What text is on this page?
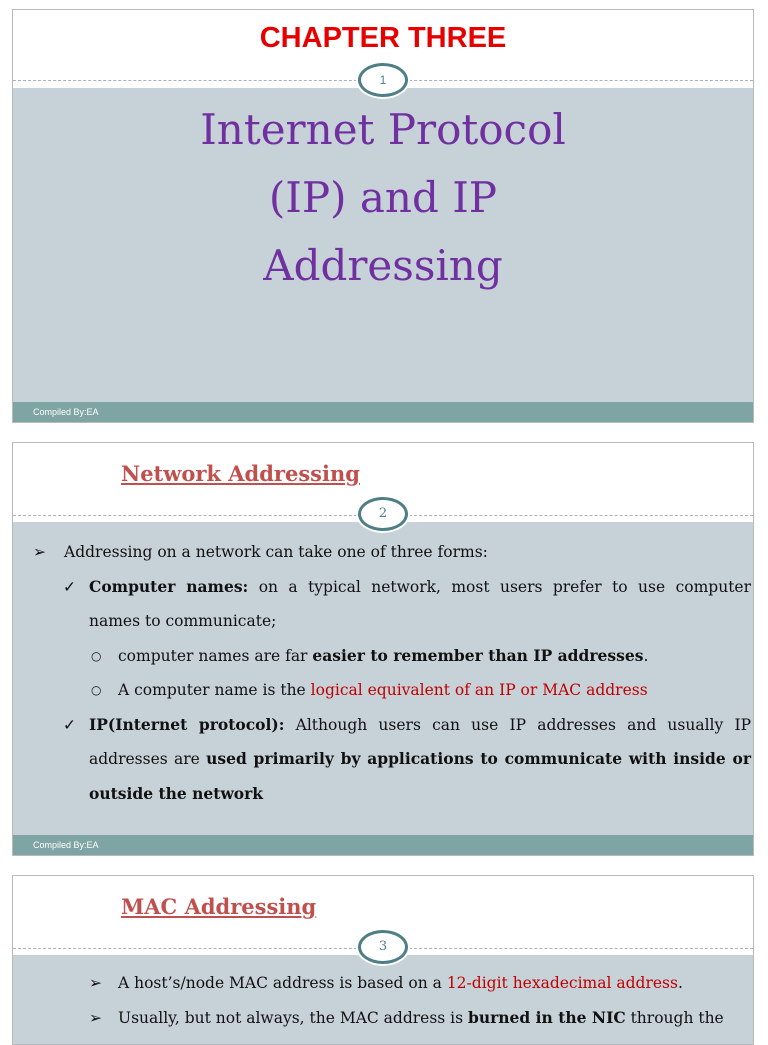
CHAPTER THREE
1
Internet Protocol
(IP) and IP
Addressing
Compiled By:EA
Network Addressing
2
➢ Addressing on a network can take one of three forms:
✓ Computer names: on a typical network, most users prefer to use computer
names to communicate;
○ computer names are far easier to remember than IP addresses.
○ A computer name is the logical equivalent of an IP or MAC address
✓ IP(Internet protocol): Although users can use IP addresses and usually IP
addresses are used primarily by applications to communicate with inside or
outside the network
Compiled By:EA
MAC Addressing
3
➢ A host’s/node MAC address is based on a 12-digit hexadecimal address.
➢ Usually, but not always, the MAC address is burned in the NIC through the
